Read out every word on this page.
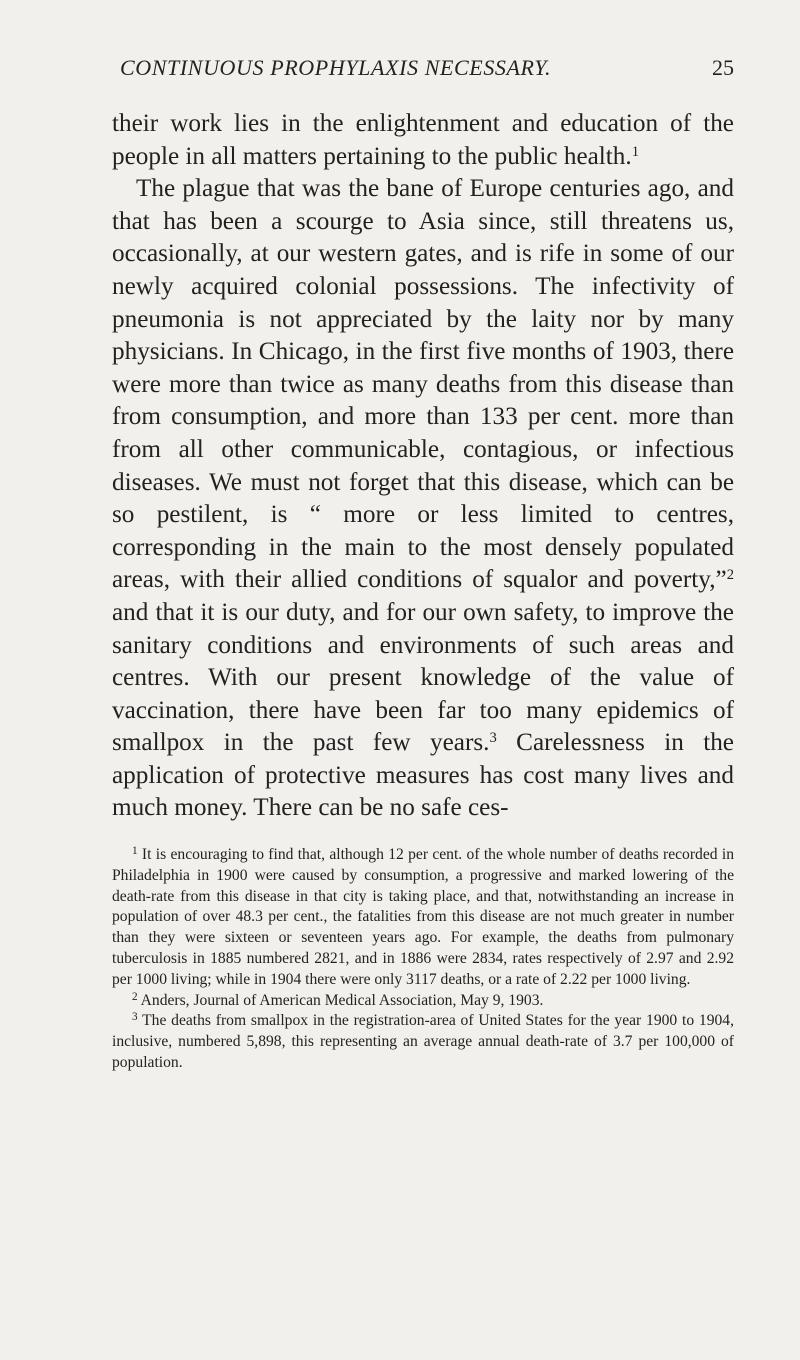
CONTINUOUS PROPHYLAXIS NECESSARY.	25

their work lies in the enlightenment and education of the people in all matters pertaining to the public health.$^1$

The plague that was the bane of Europe centuries ago, and that has been a scourge to Asia since, still threatens us, occasionally, at our western gates, and is rife in some of our newly acquired colonial possessions. The infectivity of pneumonia is not appreciated by the laity nor by many physicians. In Chicago, in the first five months of 1903, there were more than twice as many deaths from this disease than from consumption, and more than 133 per cent. more than from all other communicable, contagious, or infectious diseases. We must not forget that this disease, which can be so pestilent, is “ more or less limited to centres, corresponding in the main to the most densely populated areas, with their allied conditions of squalor and poverty,”$^2$ and that it is our duty, and for our own safety, to improve the sanitary conditions and environments of such areas and centres. With our present knowledge of the value of vaccination, there have been far too many epidemics of smallpox in the past few years.$^3$ Carelessness in the application of protective measures has cost many lives and much money. There can be no safe ces-

$^1$ It is encouraging to find that, although 12 per cent. of the whole number of deaths recorded in Philadelphia in 1900 were caused by consumption, a progressive and marked lowering of the death-rate from this disease in that city is taking place, and that, notwithstanding an increase in population of over 48.3 per cent., the fatalities from this disease are not much greater in number than they were sixteen or seventeen years ago. For example, the deaths from pulmonary tuberculosis in 1885 numbered 2821, and in 1886 were 2834, rates respectively of 2.97 and 2.92 per 1000 living; while in 1904 there were only 3117 deaths, or a rate of 2.22 per 1000 living.

$^2$ Anders, Journal of American Medical Association, May 9, 1903.

$^3$ The deaths from smallpox in the registration-area of United States for the year 1900 to 1904, inclusive, numbered 5,898, this representing an average annual death-rate of 3.7 per 100,000 of population.
